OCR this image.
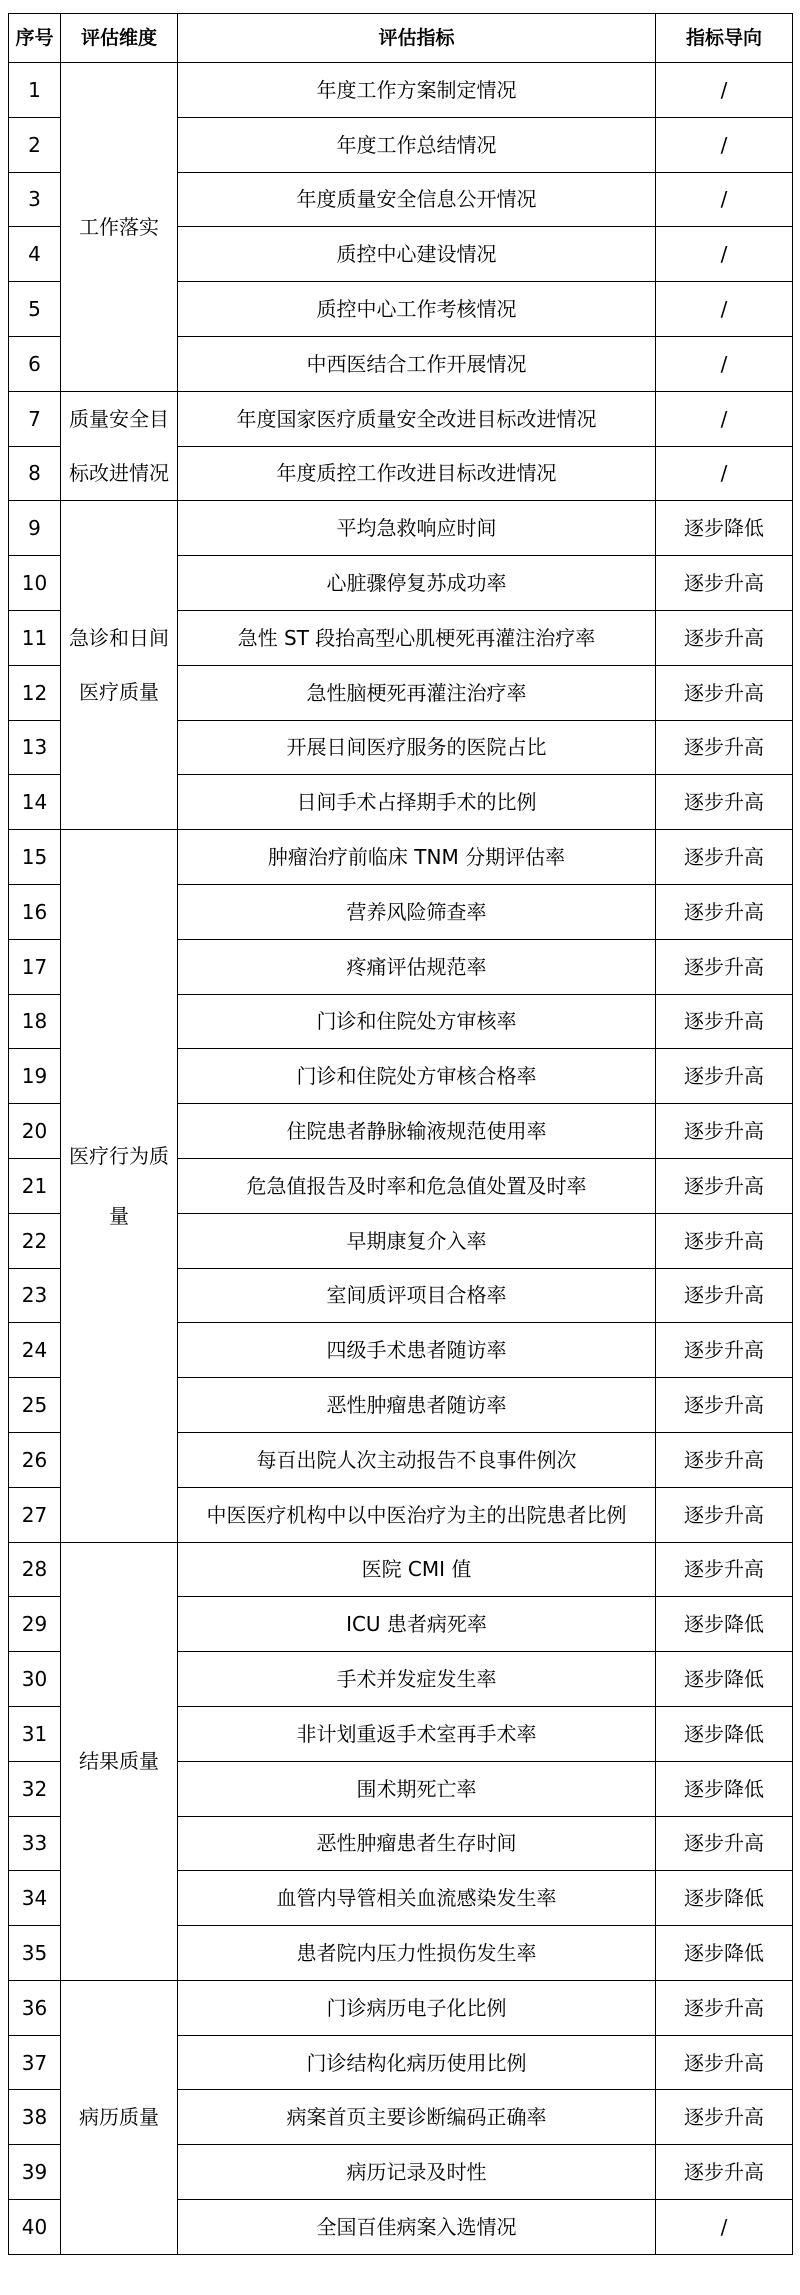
序号	评估维度	评估指标	指标导向
1	工作落实	年度工作方案制定情况	/
2		年度工作总结情况	/
3		年度质量安全信息公开情况	/
4		质控中心建设情况	/
5		质控中心工作考核情况	/
6		中西医结合工作开展情况	/
7	质量安全目标改进情况	年度国家医疗质量安全改进目标改进情况	/
8		年度质控工作改进目标改进情况	/
9	急诊和日间医疗质量	平均急救响应时间	逐步降低
10		心脏骤停复苏成功率	逐步升高
11		急性 ST 段抬高型心肌梗死再灌注治疗率	逐步升高
12		急性脑梗死再灌注治疗率	逐步升高
13		开展日间医疗服务的医院占比	逐步升高
14		日间手术占择期手术的比例	逐步升高
15	医疗行为质量	肿瘤治疗前临床 TNM 分期评估率	逐步升高
16		营养风险筛查率	逐步升高
17		疼痛评估规范率	逐步升高
18		门诊和住院处方审核率	逐步升高
19		门诊和住院处方审核合格率	逐步升高
20		住院患者静脉输液规范使用率	逐步升高
21		危急值报告及时率和危急值处置及时率	逐步升高
22		早期康复介入率	逐步升高
23		室间质评项目合格率	逐步升高
24		四级手术患者随访率	逐步升高
25		恶性肿瘤患者随访率	逐步升高
26		每百出院人次主动报告不良事件例次	逐步升高
27		中医医疗机构中以中医治疗为主的出院患者比例	逐步升高
28	结果质量	医院 CMI 值	逐步升高
29		ICU 患者病死率	逐步降低
30		手术并发症发生率	逐步降低
31		非计划重返手术室再手术率	逐步降低
32		围术期死亡率	逐步降低
33		恶性肿瘤患者生存时间	逐步升高
34		血管内导管相关血流感染发生率	逐步降低
35		患者院内压力性损伤发生率	逐步降低
36	病历质量	门诊病历电子化比例	逐步升高
37		门诊结构化病历使用比例	逐步升高
38		病案首页主要诊断编码正确率	逐步升高
39		病历记录及时性	逐步升高
40		全国百佳病案入选情况	/
